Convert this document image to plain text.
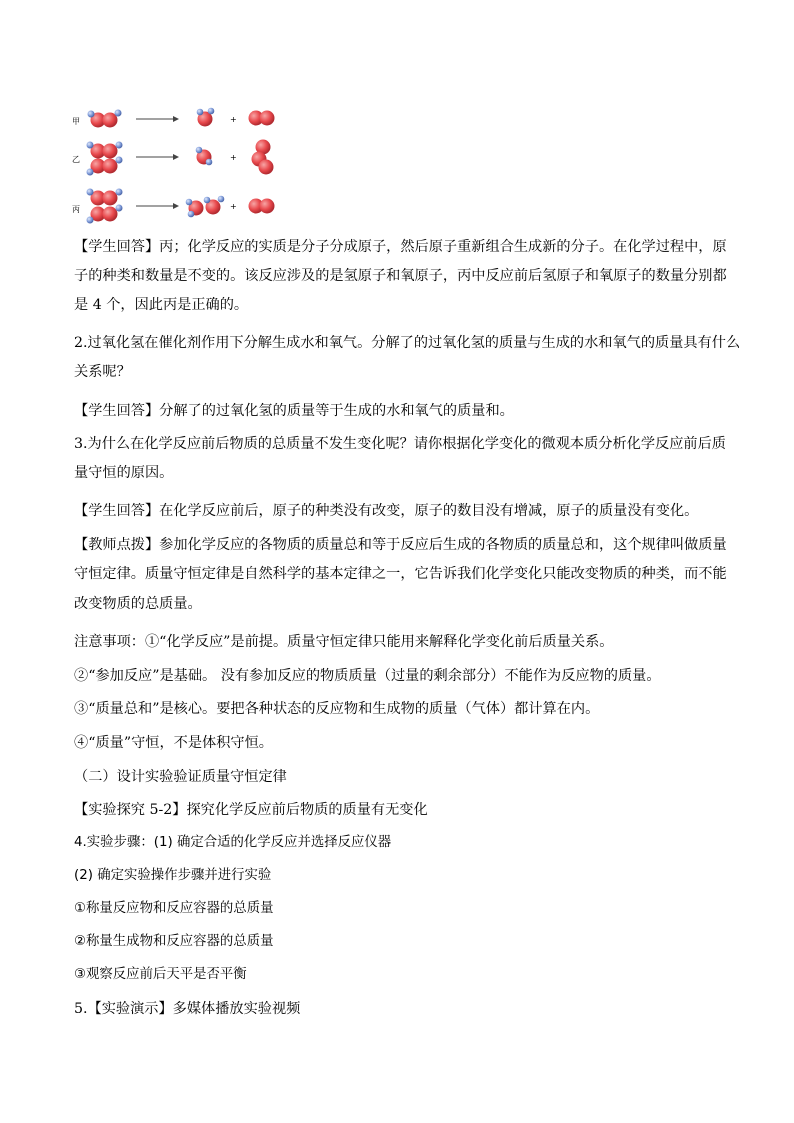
甲
乙
丙
+
+
+
【学生回答】丙；化学反应的实质是分子分成原子，然后原子重新组合生成新的分子。在化学过程中，原
子的种类和数量是不变的。该反应涉及的是氢原子和氧原子，丙中反应前后氢原子和氧原子的数量分别都
是 4 个，因此丙是正确的。
2.过氧化氢在催化剂作用下分解生成水和氧气。分解了的过氧化氢的质量与生成的水和氧气的质量具有什么
关系呢？
【学生回答】分解了的过氧化氢的质量等于生成的水和氧气的质量和。
3.为什么在化学反应前后物质的总质量不发生变化呢？请你根据化学变化的微观本质分析化学反应前后质
量守恒的原因。
【学生回答】在化学反应前后，原子的种类没有改变，原子的数目没有增减，原子的质量没有变化。
【教师点拨】参加化学反应的各物质的质量总和等于反应后生成的各物质的质量总和，这个规律叫做质量
守恒定律。质量守恒定律是自然科学的基本定律之一，它告诉我们化学变化只能改变物质的种类，而不能
改变物质的总质量。
注意事项：①“化学反应”是前提。质量守恒定律只能用来解释化学变化前后质量关系。
②“参加反应”是基础。 没有参加反应的物质质量（过量的剩余部分）不能作为反应物的质量。
③“质量总和”是核心。要把各种状态的反应物和生成物的质量（气体）都计算在内。
④“质量”守恒，不是体积守恒。
（二）设计实验验证质量守恒定律
【实验探究 5-2】探究化学反应前后物质的质量有无变化
4.实验步骤：(1) 确定合适的化学反应并选择反应仪器
(2) 确定实验操作步骤并进行实验
①称量反应物和反应容器的总质量
②称量生成物和反应容器的总质量
③观察反应前后天平是否平衡
5.【实验演示】多媒体播放实验视频
